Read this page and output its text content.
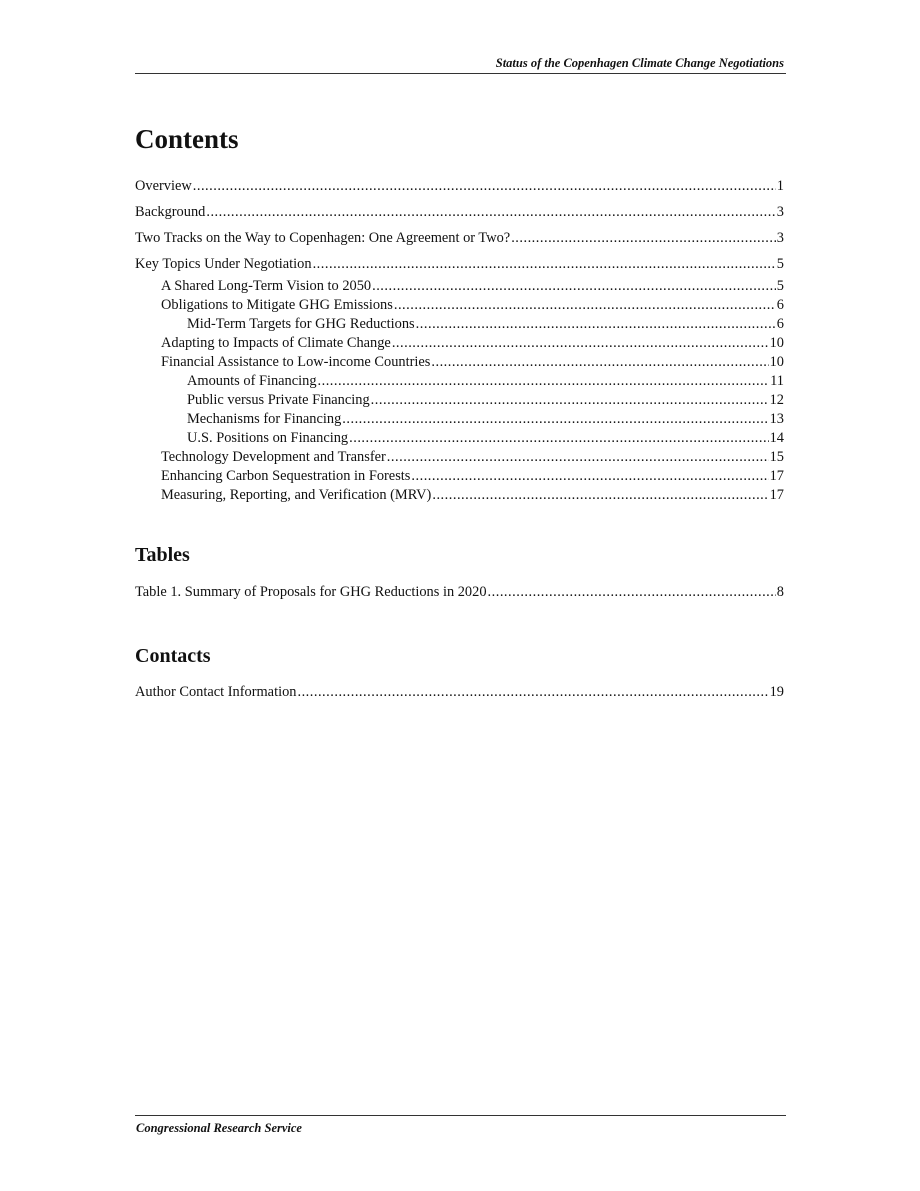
Status of the Copenhagen Climate Change Negotiations
Contents
Overview .....	1
Background .....	3
Two Tracks on the Way to Copenhagen: One Agreement or Two? .....	3
Key Topics Under Negotiation .....	5
A Shared Long-Term Vision to 2050 .....	5
Obligations to Mitigate GHG Emissions .....	6
Mid-Term Targets for GHG Reductions .....	6
Adapting to Impacts of Climate Change .....	10
Financial Assistance to Low-income Countries .....	10
Amounts of Financing .....	11
Public versus Private Financing .....	12
Mechanisms for Financing .....	13
U.S. Positions on Financing .....	14
Technology Development and Transfer .....	15
Enhancing Carbon Sequestration in Forests .....	17
Measuring, Reporting, and Verification (MRV) .....	17
Tables
Table 1. Summary of Proposals for GHG Reductions in 2020 .....	8
Contacts
Author Contact Information .....	19
Congressional Research Service
